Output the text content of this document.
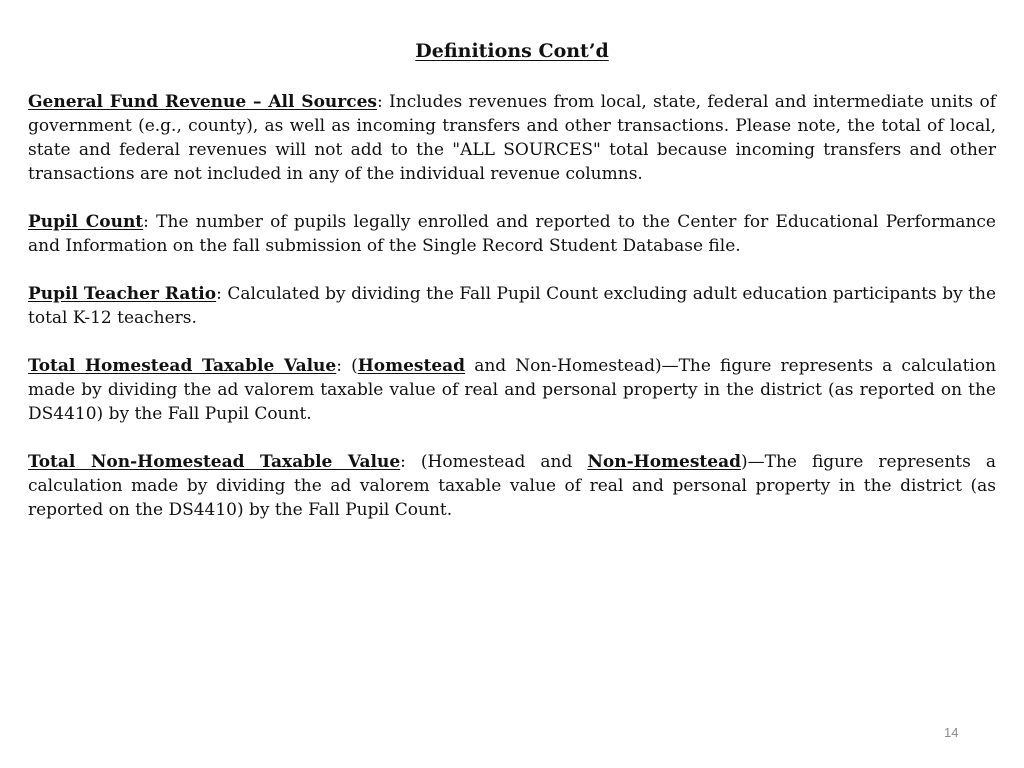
Definitions Cont’d

General Fund Revenue – All Sources: Includes revenues from local, state, federal and intermediate units of government (e.g., county), as well as incoming transfers and other transactions. Please note, the total of local, state and federal revenues will not add to the "ALL SOURCES" total because incoming transfers and other transactions are not included in any of the individual revenue columns.

Pupil Count: The number of pupils legally enrolled and reported to the Center for Educational Performance and Information on the fall submission of the Single Record Student Database file.

Pupil Teacher Ratio: Calculated by dividing the Fall Pupil Count excluding adult education participants by the total K-12 teachers.

Total Homestead Taxable Value: (Homestead and Non-Homestead)—The figure represents a calculation made by dividing the ad valorem taxable value of real and personal property in the district (as reported on the DS4410) by the Fall Pupil Count.

Total Non-Homestead Taxable Value: (Homestead and Non-Homestead)—The figure represents a calculation made by dividing the ad valorem taxable value of real and personal property in the district (as reported on the DS4410) by the Fall Pupil Count.

14
